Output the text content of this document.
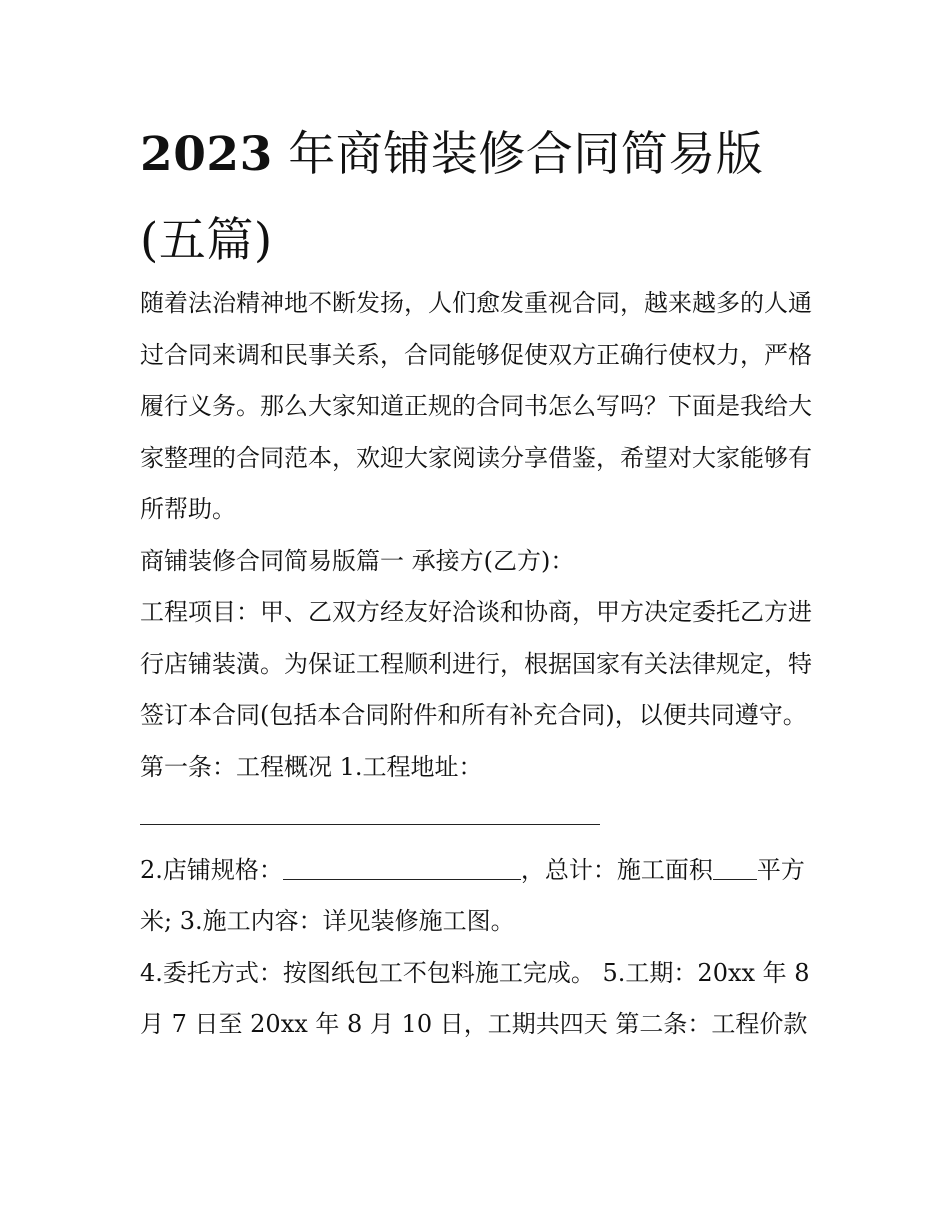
2023 年商铺装修合同简易版
(五篇)

随着法治精神地不断发扬，人们愈发重视合同，越来越多的人通过合同来调和民事关系，合同能够促使双方正确行使权力，严格履行义务。那么大家知道正规的合同书怎么写吗？下面是我给大家整理的合同范本，欢迎大家阅读分享借鉴，希望对大家能够有所帮助。

商铺装修合同简易版篇一 承接方(乙方)：

工程项目：甲、乙双方经友好洽谈和协商，甲方决定委托乙方进行店铺装潢。为保证工程顺利进行，根据国家有关法律规定，特签订本合同(包括本合同附件和所有补充合同)，以便共同遵守。

第一条：工程概况 1.工程地址：

2.店铺规格：	，总计：施工面积 平方米; 3.施工内容：详见装修施工图。

4.委托方式：按图纸包工不包料施工完成。 5.工期：20xx 年 8 月 7 日至 20xx 年 8 月 10 日，工期共四天 第二条：工程价款
